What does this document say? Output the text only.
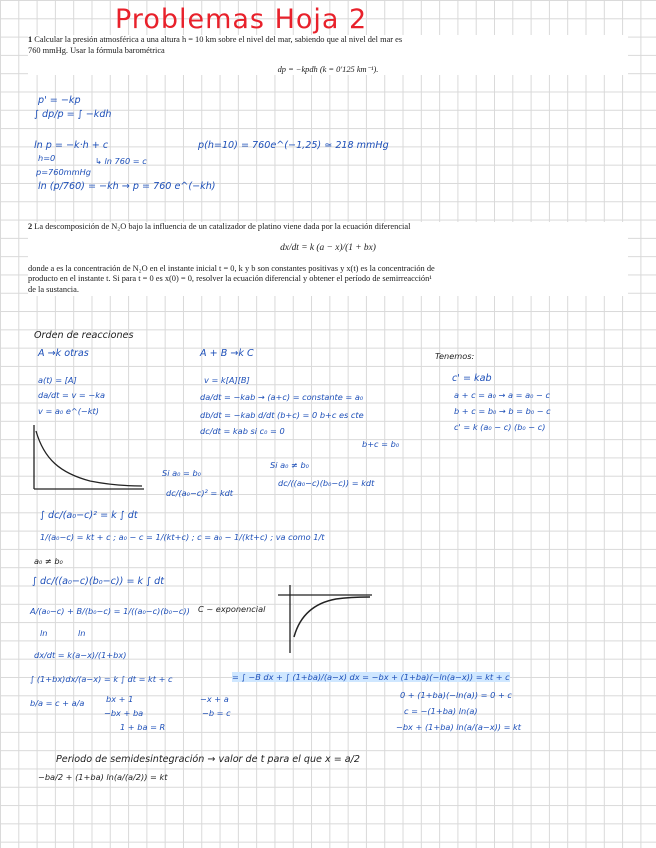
Problemas Hoja 2

1 Calcular la presión atmosférica a una altura h = 10 km sobre el nivel del mar, sabiendo que al nivel del mar es

760 mmHg. Usar la fórmula barométrica

dp = −kpdh (k = 0'125 km⁻¹).

p' = −kp
∫ dp/p = ∫ −kdh
ln p = −k·h + c
h=0
p=760mmHg
↳ ln 760 = c
ln (p/760) = −kh → p = 760 e^(−kh)
p(h=10) = 760e^(−1,25) ≃ 218 mmHg

2 La descomposición de N₂O bajo la influencia de un catalizador de platino viene dada por la ecuación diferencial

dx/dt = k (a − x)/(1 + bx)

donde a es la concentración de N₂O en el instante inicial t = 0, k y b son constantes positivas y x(t) es la concentración de

producto en el instante t. Si para t = 0 es x(0) = 0, resolver la ecuación diferencial y obtener el período de semirreacción¹

de la sustancia.

Orden de reacciones
A →k otras
a(t) = [A]
da/dt = v = −ka
v = a₀ e^(−kt)
A + B →k C
v = k[A][B]
da/dt = −kab → (a+c) = constante = a₀
db/dt = −kab d/dt (b+c) = 0 b+c es cte
dc/dt = kab si c₀ = 0
b+c = b₀
Tenemos:
c' = kab
a + c = a₀ → a = a₀ − c
b + c = b₀ → b = b₀ − c
c' = k (a₀ − c) (b₀ − c)
Si a₀ = b₀
dc/(a₀−c)² = kdt
Si a₀ ≠ b₀
dc/((a₀−c)(b₀−c)) = kdt
∫ dc/(a₀−c)² = k ∫ dt
1/(a₀−c) = kt + c ; a₀ − c = 1/(kt+c) ; c = a₀ − 1/(kt+c) ; va como 1/t
a₀ ≠ b₀
∫ dc/((a₀−c)(b₀−c)) = k ∫ dt
A/(a₀−c) + B/(b₀−c) = 1/((a₀−c)(b₀−c))
ln	ln
C ~ exponencial
dx/dt = k(a−x)/(1+bx)
∫ (1+bx)dx/(a−x) = k ∫ dt = kt + c	= ∫ −B dx + ∫ (1+ba)/(a−x) dx = −bx + (1+ba)(−ln(a−x)) = kt + c
b/a = c + a/a	bx + 1
−bx + ba
1 + ba = R
−x + a
−b = c
0 + (1+ba)(−ln(a)) = 0 + c
c = −(1+ba) ln(a)
−bx + (1+ba) ln(a/(a−x)) = kt
Periodo de semidesintegración → valor de t para el que x = a/2
−ba/2 + (1+ba) ln(a/(a/2)) = kt
